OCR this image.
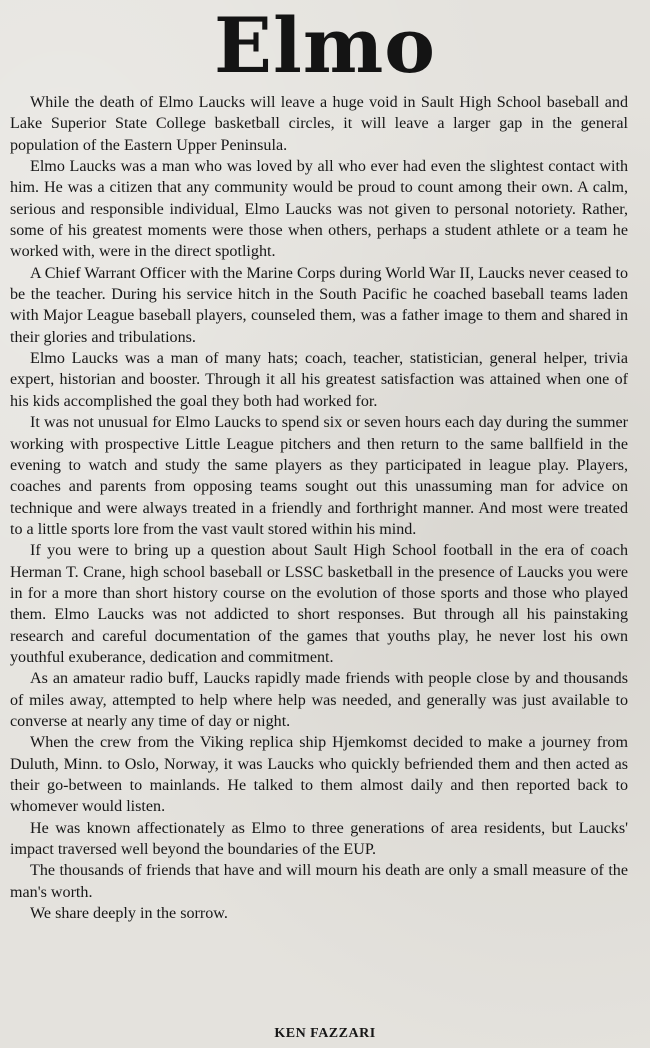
Elmo

While the death of Elmo Laucks will leave a huge void in Sault High School baseball and Lake Superior State College basketball circles, it will leave a larger gap in the general population of the Eastern Upper Peninsula.

Elmo Laucks was a man who was loved by all who ever had even the slightest contact with him. He was a citizen that any community would be proud to count among their own. A calm, serious and responsible individual, Elmo Laucks was not given to personal notoriety. Rather, some of his greatest moments were those when others, perhaps a student athlete or a team he worked with, were in the direct spotlight.

A Chief Warrant Officer with the Marine Corps during World War II, Laucks never ceased to be the teacher. During his service hitch in the South Pacific he coached baseball teams laden with Major League baseball players, counseled them, was a father image to them and shared in their glories and tribulations.

Elmo Laucks was a man of many hats; coach, teacher, statistician, general helper, trivia expert, historian and booster. Through it all his greatest satisfaction was attained when one of his kids accomplished the goal they both had worked for.

It was not unusual for Elmo Laucks to spend six or seven hours each day during the summer working with prospective Little League pitchers and then return to the same ballfield in the evening to watch and study the same players as they participated in league play. Players, coaches and parents from opposing teams sought out this unassuming man for advice on technique and were always treated in a friendly and forthright manner. And most were treated to a little sports lore from the vast vault stored within his mind.

If you were to bring up a question about Sault High School football in the era of coach Herman T. Crane, high school baseball or LSSC basketball in the presence of Laucks you were in for a more than short history course on the evolution of those sports and those who played them. Elmo Laucks was not addicted to short responses. But through all his painstaking research and careful documentation of the games that youths play, he never lost his own youthful exuberance, dedication and commitment.

As an amateur radio buff, Laucks rapidly made friends with people close by and thousands of miles away, attempted to help where help was needed, and generally was just available to converse at nearly any time of day or night.

When the crew from the Viking replica ship Hjemkomst decided to make a journey from Duluth, Minn. to Oslo, Norway, it was Laucks who quickly befriended them and then acted as their go-between to mainlands. He talked to them almost daily and then reported back to whomever would listen.

He was known affectionately as Elmo to three generations of area residents, but Laucks' impact traversed well beyond the boundaries of the EUP.

The thousands of friends that have and will mourn his death are only a small measure of the man's worth.

We share deeply in the sorrow.

KEN FAZZARI
